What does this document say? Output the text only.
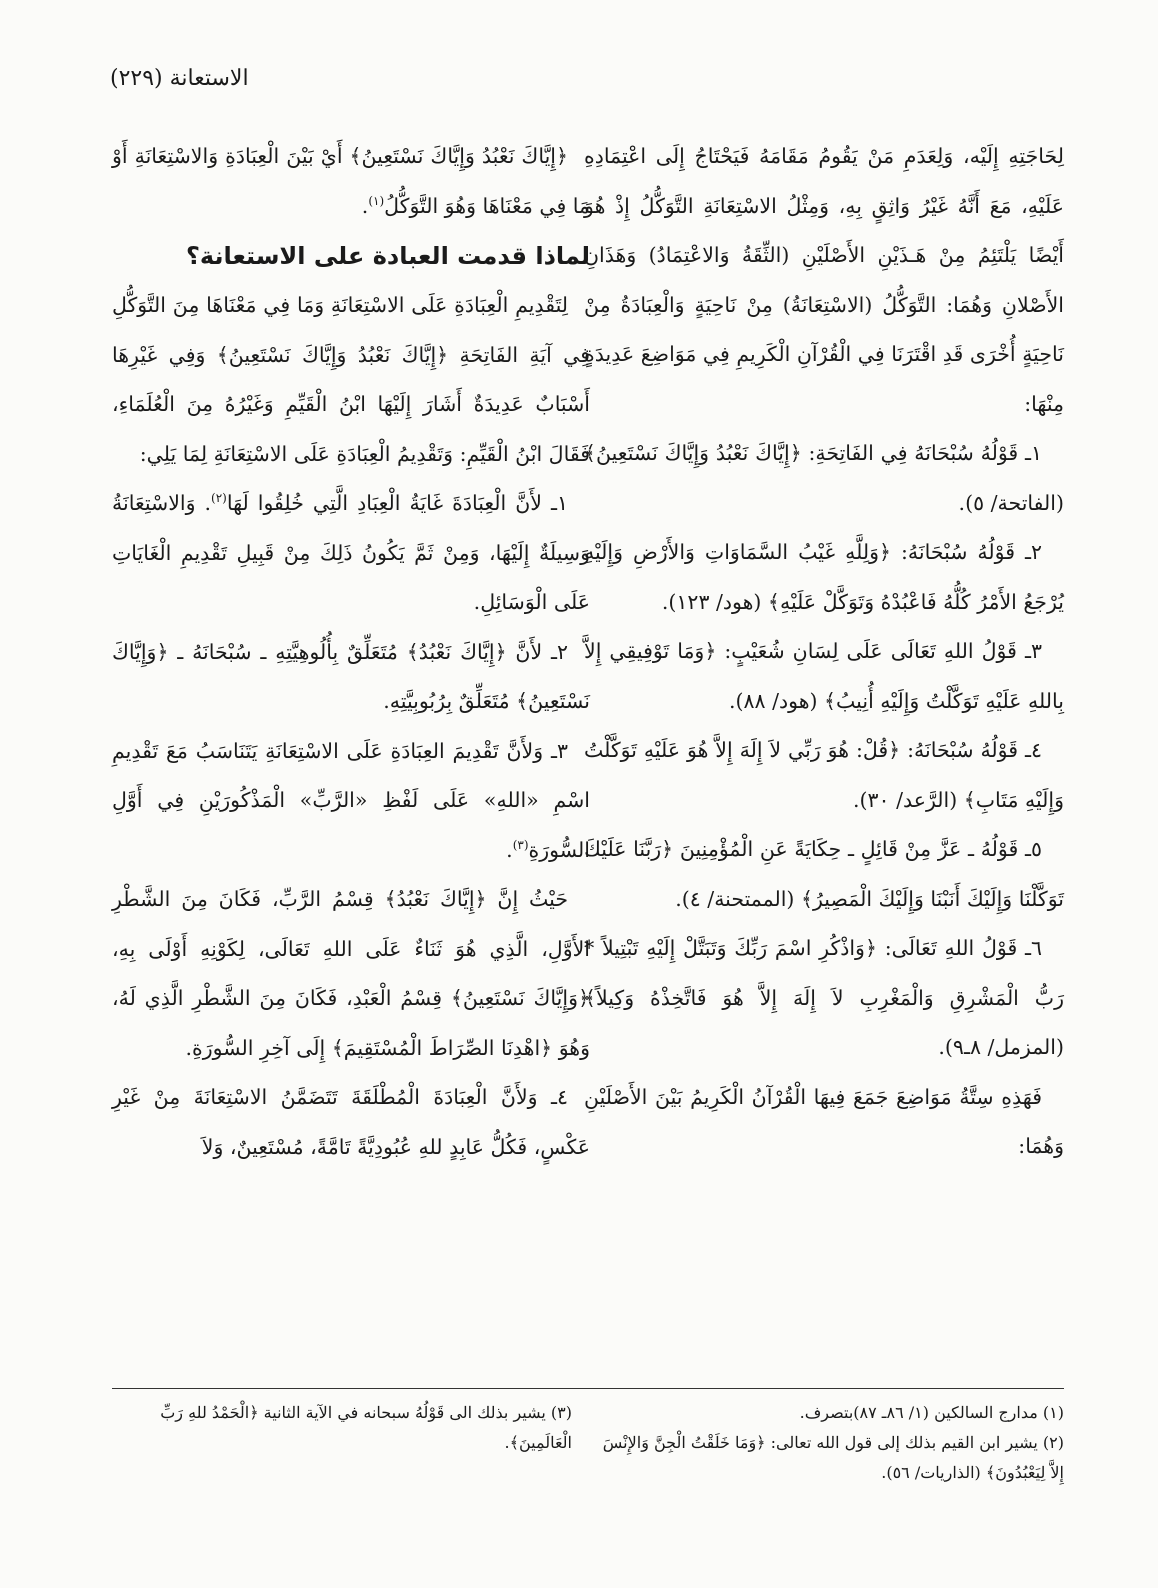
الاستعانة (٢٢٩)

لِحَاجَتِهِ إِلَيْه، وَلِعَدَمِ مَنْ يَقُومُ مَقَامَهُ فَيَحْتَاجُ إِلَى اعْتِمَادِهِ عَلَيْهِ، مَعَ أَنَّهُ غَيْرُ وَاثِقٍ بِهِ، وَمِثْلُ الاسْتِعَانَةِ التَّوَكُّلُ إِذْ هُوَ أَيْضًا يَلْتَئِمُ مِنْ هَـذَيْنِ الأَصْلَيْنِ (الثِّقَةُ وَالاعْتِمَادُ) وَهَذَانِ الأَصْلانِ وَهُمَا: التَّوَكُّلُ (الاسْتِعَانَةُ) مِنْ نَاحِيَةٍ وَالْعِبَادَةُ مِنْ نَاحِيَةٍ أُخْرَى قَدِ اقْتَرَنَا فِي الْقُرْآنِ الْكَرِيمِ فِي مَوَاضِعَ عَدِيدَةٍ مِنْهَا:

١ـ قَوْلُهُ سُبْحَانَهُ فِي الفَاتِحَةِ: ﴿إِيَّاكَ نَعْبُدُ وَإِيَّاكَ نَسْتَعِينُ﴾ (الفاتحة/ ٥).

٢ـ قَوْلُهُ سُبْحَانَهُ: ﴿وَلِلَّهِ غَيْبُ السَّمَاوَاتِ وَالأَرْضِ وَإِلَيْهِ يُرْجَعُ الأَمْرُ كُلُّهُ فَاعْبُدْهُ وَتَوَكَّلْ عَلَيْهِ﴾ (هود/ ١٢٣).

٣ـ قَوْلُ اللهِ تَعَالَى عَلَى لِسَانِ شُعَيْبٍ: ﴿وَمَا تَوْفِيقِي إِلاَّ بِاللهِ عَلَيْهِ تَوَكَّلْتُ وَإِلَيْهِ أُنِيبُ﴾ (هود/ ٨٨).

٤ـ قَوْلُهُ سُبْحَانَهُ: ﴿قُلْ: هُوَ رَبِّي لاَ إِلَهَ إِلاَّ هُوَ عَلَيْهِ تَوَكَّلْتُ وَإِلَيْهِ مَتَابِ﴾ (الرَّعد/ ٣٠).

٥ـ قَوْلُهُ ـ عَزَّ مِنْ قَائِلٍ ـ حِكَايَةً عَنِ الْمُؤْمِنِينَ ﴿رَبَّنَا عَلَيْكَ تَوَكَّلْنَا وَإِلَيْكَ أَنَبْنَا وَإِلَيْكَ الْمَصِيرُ﴾ (الممتحنة/ ٤).

٦ـ قَوْلُ اللهِ تَعَالَى: ﴿وَاذْكُرِ اسْمَ رَبِّكَ وَتَبَتَّلْ إِلَيْهِ تَبْتِيلاً * رَبُّ الْمَشْرِقِ وَالْمَغْرِبِ لاَ إِلَهَ إِلاَّ هُوَ فَاتَّخِذْهُ وَكِيلاً﴾ (المزمل/ ٨ـ٩).

فَهَذِهِ سِتَّةُ مَوَاضِعَ جَمَعَ فِيهَا الْقُرْآنُ الْكَرِيمُ بَيْنَ الأَصْلَيْنِ وَهُمَا:

﴿إِيَّاكَ نَعْبُدُ وَإِيَّاكَ نَسْتَعِينُ﴾ أَيْ بَيْنَ الْعِبَادَةِ وَالاسْتِعَانَةِ أَوْ مَا فِي مَعْنَاهَا وَهُوَ التَّوَكُّلُ$^{(١)}$.

لماذا قدمت العبادة على الاستعانة؟

لِتَقْدِيمِ الْعِبَادَةِ عَلَى الاسْتِعَانَةِ وَمَا فِي مَعْنَاهَا مِنَ التَّوَكُّلِ فِي آيَةِ الفَاتِحَةِ ﴿إِيَّاكَ نَعْبُدُ وَإِيَّاكَ نَسْتَعِينُ﴾ وَفِي غَيْرِهَا أَسْبَابٌ عَدِيدَةٌ أَشَارَ إِلَيْهَا ابْنُ الْقَيِّمِ وَغَيْرُهُ مِنَ الْعُلَمَاءِ، فَقَالَ ابْنُ الْقَيِّمِ: وَتَقْدِيمُ الْعِبَادَةِ عَلَى الاسْتِعَانَةِ لِمَا يَلِي:

١ـ لأَنَّ الْعِبَادَةَ غَايَةُ الْعِبَادِ الَّتِي خُلِقُوا لَهَا$^{(٢)}$. وَالاسْتِعَانَةُ وَسِيلَةٌ إِلَيْهَا، وَمِنْ ثَمَّ يَكُونُ ذَلِكَ مِنْ قَبِيلِ تَقْدِيمِ الْغَايَاتِ عَلَى الْوَسَائِلِ.

٢ـ لأَنَّ ﴿إِيَّاكَ نَعْبُدُ﴾ مُتَعَلِّقٌ بِأُلُوهِيَّتِهِ ـ سُبْحَانَهُ ـ ﴿وَإِيَّاكَ نَسْتَعِينُ﴾ مُتَعَلِّقٌ بِرُبُوبِيَّتِهِ.

٣ـ وَلأَنَّ تَقْدِيمَ العِبَادَةِ عَلَى الاسْتِعَانَةِ يَتَنَاسَبُ مَعَ تَقْدِيمِ اسْمِ «اللهِ» عَلَى لَفْظِ «الرَّبِّ» الْمَذْكُورَيْنِ فِي أَوَّلِ السُّورَةِ$^{(٣)}$.

حَيْثُ إِنَّ ﴿إِيَّاكَ نَعْبُدُ﴾ قِسْمُ الرَّبِّ، فَكَانَ مِنَ الشَّطْرِ الأَوَّلِ، الَّذِي هُوَ ثَنَاءٌ عَلَى اللهِ تَعَالَى، لِكَوْنِهِ أَوْلَى بِهِ، ﴿وَإِيَّاكَ نَسْتَعِينُ﴾ قِسْمُ الْعَبْدِ، فَكَانَ مِنَ الشَّطْرِ الَّذِي لَهُ، وَهُوَ ﴿اهْدِنَا الصِّرَاطَ الْمُسْتَقِيمَ﴾ إِلَى آخِرِ السُّورَةِ.

٤ـ وَلأَنَّ الْعِبَادَةَ الْمُطْلَقَةَ تَتَضَمَّنُ الاسْتِعَانَةَ مِنْ غَيْرِ عَكْسٍ، فَكُلُّ عَابِدٍ للهِ عُبُودِيَّةً تَامَّةً، مُسْتَعِينٌ، وَلاَ

(١) مدارج السالكين (١/ ٨٦ـ ٨٧)بتصرف.

(٢) يشير ابن القيم بذلك إلى قول الله تعالى: ﴿وَمَا خَلَقْتُ الْجِنَّ وَالإِنْسَ إِلاَّ لِيَعْبُدُونَ﴾ (الذاريات/ ٥٦).

(٣) يشير بذلك الى قَوْلُهُ سبحانه في الآية الثانية ﴿الْحَمْدُ للهِ رَبِّ الْعَالَمِينَ﴾.
